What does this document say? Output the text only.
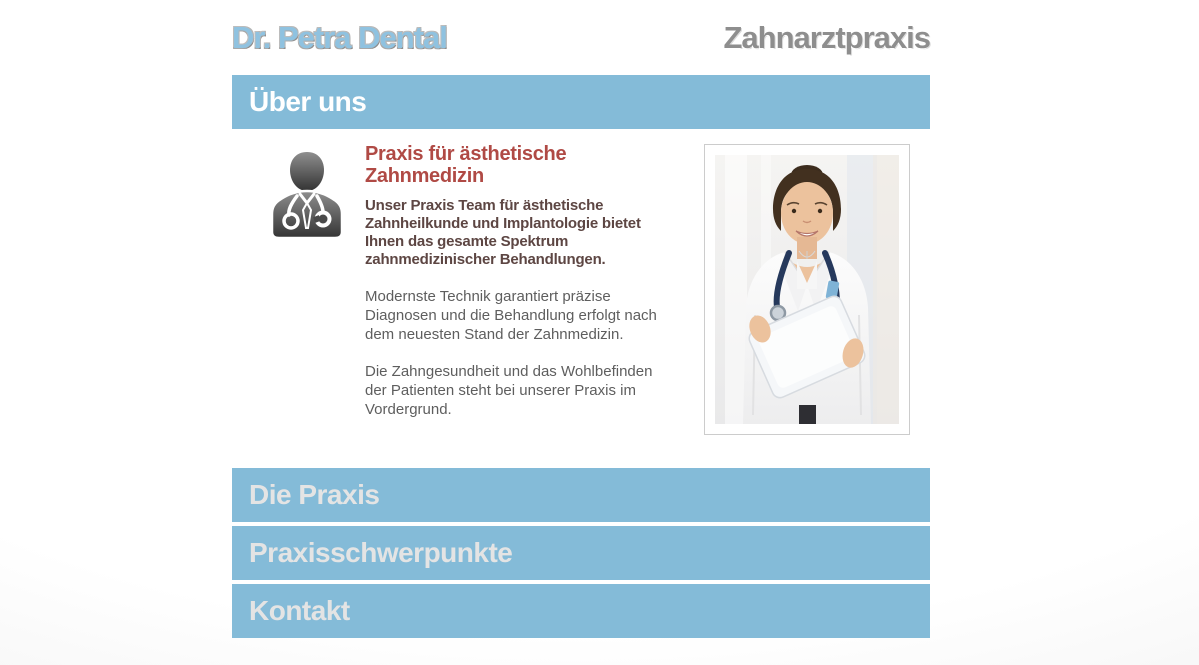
Dr. Petra Dental	Zahnarztpraxis
Über uns
Praxis für ästhetische Zahnmedizin

Unser Praxis Team für ästhetische Zahnheilkunde und Implantologie bietet Ihnen das gesamte Spektrum zahnmedizinischer Behandlungen.

Modernste Technik garantiert präzise Diagnosen und die Behandlung erfolgt nach dem neuesten Stand der Zahnmedizin.

Die Zahngesundheit und das Wohlbefinden der Patienten steht bei unserer Praxis im Vordergrund.

Die Praxis
Praxisschwerpunkte
Kontakt
